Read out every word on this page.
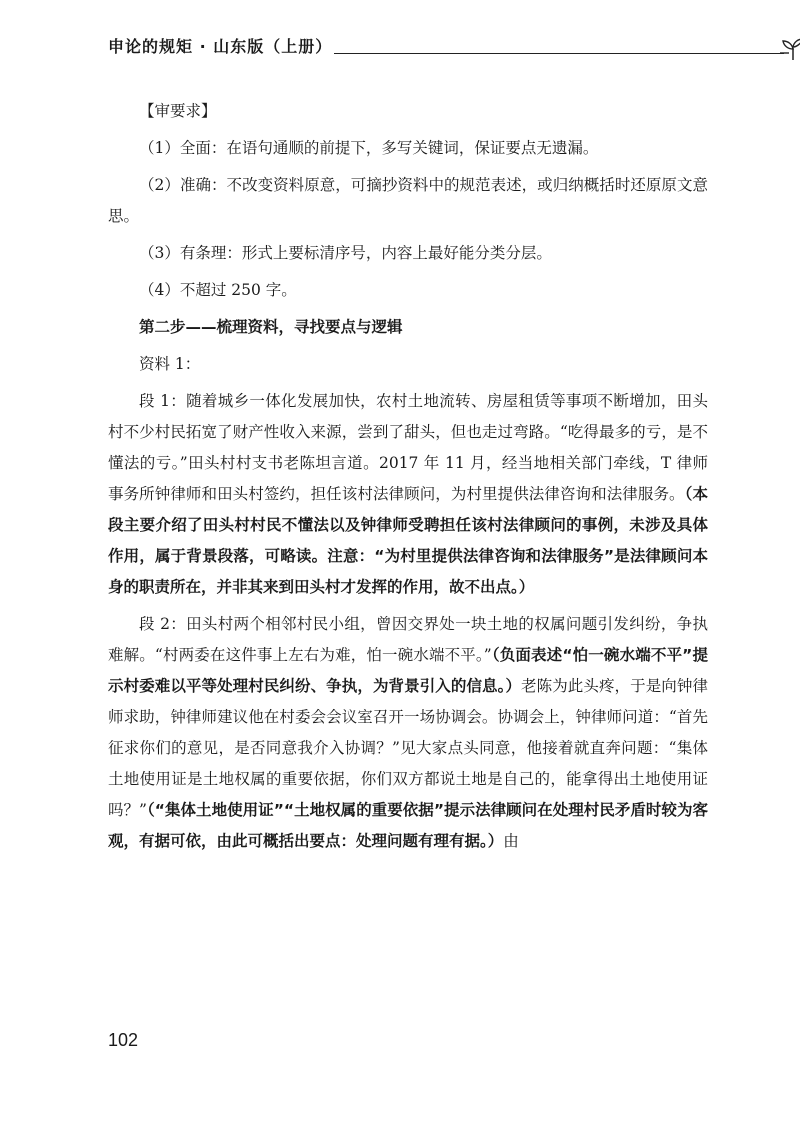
申论的规矩 · 山东版（上册）

【审要求】

（1）全面：在语句通顺的前提下，多写关键词，保证要点无遗漏。

（2）准确：不改变资料原意，可摘抄资料中的规范表述，或归纳概括时还原原文意思。

（3）有条理：形式上要标清序号，内容上最好能分类分层。

（4）不超过 250 字。

第二步——梳理资料，寻找要点与逻辑

资料 1：

段 1：随着城乡一体化发展加快，农村土地流转、房屋租赁等事项不断增加，田头村不少村民拓宽了财产性收入来源，尝到了甜头，但也走过弯路。“吃得最多的亏，是不懂法的亏。”田头村村支书老陈坦言道。2017 年 11 月，经当地相关部门牵线，T 律师事务所钟律师和田头村签约，担任该村法律顾问，为村里提供法律咨询和法律服务。（本段主要介绍了田头村村民不懂法以及钟律师受聘担任该村法律顾问的事例，未涉及具体作用，属于背景段落，可略读。注意：“为村里提供法律咨询和法律服务”是法律顾问本身的职责所在，并非其来到田头村才发挥的作用，故不出点。）

段 2：田头村两个相邻村民小组，曾因交界处一块土地的权属问题引发纠纷，争执难解。“村两委在这件事上左右为难，怕一碗水端不平。”（负面表述“怕一碗水端不平”提示村委难以平等处理村民纠纷、争执，为背景引入的信息。）老陈为此头疼，于是向钟律师求助，钟律师建议他在村委会会议室召开一场协调会。协调会上，钟律师问道：“首先征求你们的意见，是否同意我介入协调？”见大家点头同意，他接着就直奔问题：“集体土地使用证是土地权属的重要依据，你们双方都说土地是自己的，能拿得出土地使用证吗？”（“集体土地使用证”“土地权属的重要依据”提示法律顾问在处理村民矛盾时较为客观，有据可依，由此可概括出要点：处理问题有理有据。）由

102
